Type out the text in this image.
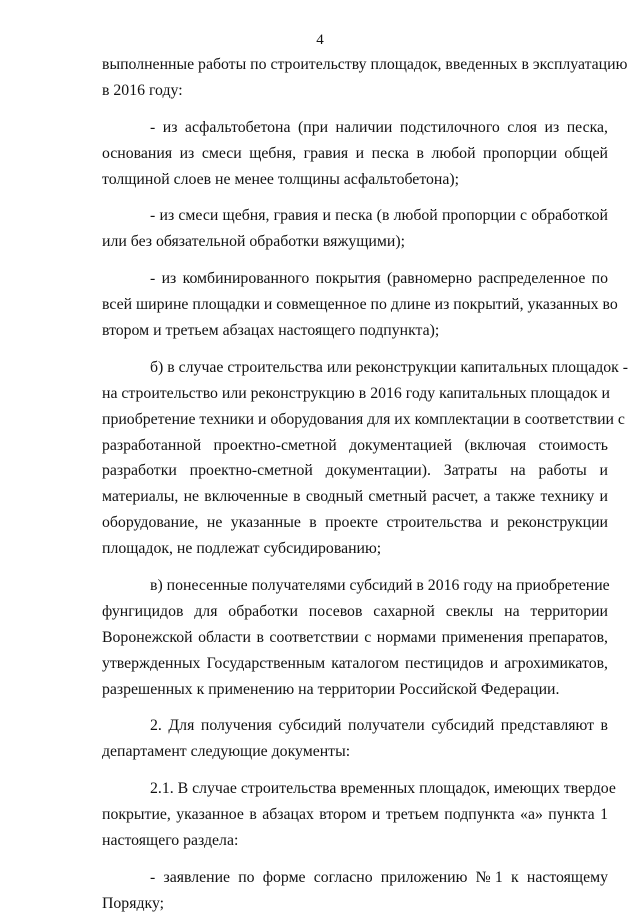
4
выполненные работы по строительству площадок, введенных в эксплуатацию
в 2016 году:
- из асфальтобетона (при наличии подстилочного слоя из песка,
основания из смеси щебня, гравия и песка в любой пропорции общей
толщиной слоев не менее толщины асфальтобетона);
- из смеси щебня, гравия и песка (в любой пропорции с обработкой
или без обязательной обработки вяжущими);
- из комбинированного покрытия (равномерно распределенное по
всей ширине площадки и совмещенное по длине из покрытий, указанных во
втором и третьем абзацах настоящего подпункта);
б) в случае строительства или реконструкции капитальных площадок -
на строительство или реконструкцию в 2016 году капитальных площадок и
приобретение техники и оборудования для их комплектации в соответствии с
разработанной проектно-сметной документацией (включая стоимость
разработки проектно-сметной документации). Затраты на работы и
материалы, не включенные в сводный сметный расчет, а также технику и
оборудование, не указанные в проекте строительства и реконструкции
площадок, не подлежат субсидированию;
в) понесенные получателями субсидий в 2016 году на приобретение
фунгицидов для обработки посевов сахарной свеклы на территории
Воронежской области в соответствии с нормами применения препаратов,
утвержденных Государственным каталогом пестицидов и агрохимикатов,
разрешенных к применению на территории Российской Федерации.
2. Для получения субсидий получатели субсидий представляют в
департамент следующие документы:
2.1. В случае строительства временных площадок, имеющих твердое
покрытие, указанное в абзацах втором и третьем подпункта «а» пункта 1
настоящего раздела:
- заявление по форме согласно приложению №1 к настоящему
Порядку;
